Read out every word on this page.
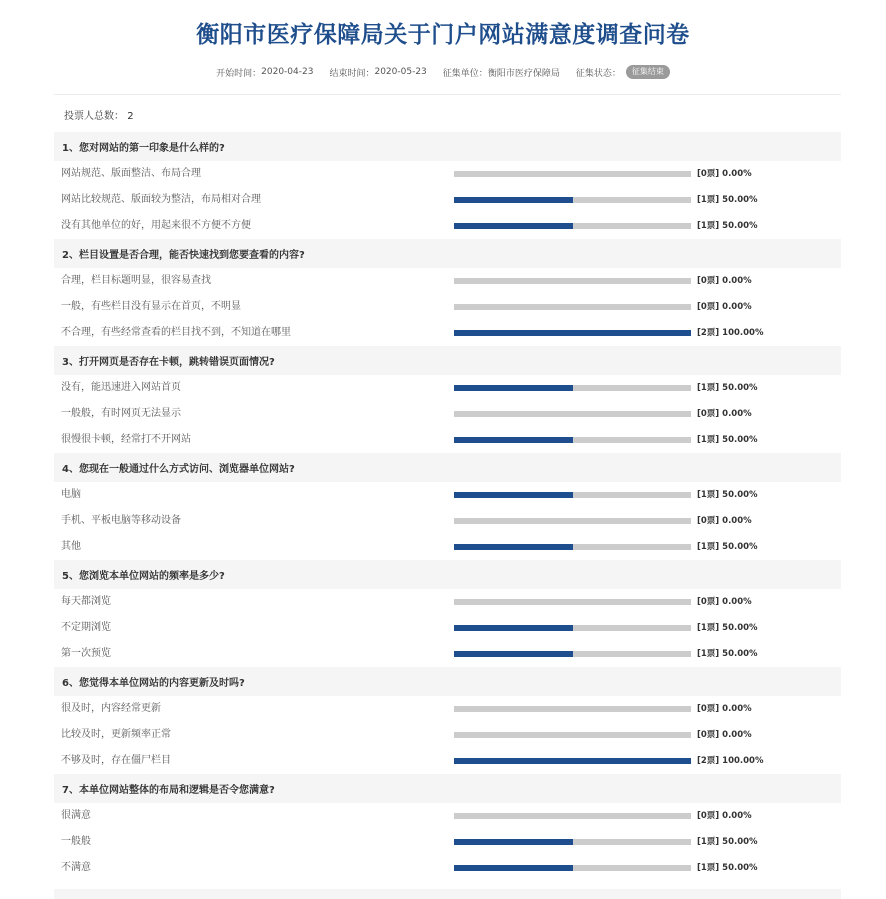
衡阳市医疗保障局关于门户网站满意度调查问卷
开始时间： 2020-04-23 结束时间： 2020-05-23 征集单位： 衡阳市医疗保障局 征集状态：	征集结束
投票人总数： 2
1、您对网站的第一印象是什么样的?
网站规范、版面整洁、布局合理	[0票] 0.00%
网站比较规范、版面较为整洁，布局相对合理	[1票] 50.00%
没有其他单位的好，用起来很不方便不方便	[1票] 50.00%
2、栏目设置是否合理，能否快速找到您要查看的内容?
合理，栏目标题明显，很容易查找	[0票] 0.00%
一般，有些栏目没有显示在首页，不明显	[0票] 0.00%
不合理，有些经常查看的栏目找不到，不知道在哪里	[2票] 100.00%
3、打开网页是否存在卡顿，跳转错误页面情况?
没有，能迅速进入网站首页	[1票] 50.00%
一般般，有时网页无法显示	[0票] 0.00%
很慢很卡顿，经常打不开网站	[1票] 50.00%
4、您现在一般通过什么方式访问、浏览器单位网站?
电脑	[1票] 50.00%
手机、平板电脑等移动设备	[0票] 0.00%
其他	[1票] 50.00%
5、您浏览本单位网站的频率是多少?
每天都浏览	[0票] 0.00%
不定期浏览	[1票] 50.00%
第一次预览	[1票] 50.00%
6、您觉得本单位网站的内容更新及时吗?
很及时，内容经常更新	[0票] 0.00%
比较及时，更新频率正常	[0票] 0.00%
不够及时，存在僵尸栏目	[2票] 100.00%
7、本单位网站整体的布局和逻辑是否令您满意?
很满意	[0票] 0.00%
一般般	[1票] 50.00%
不满意	[1票] 50.00%
